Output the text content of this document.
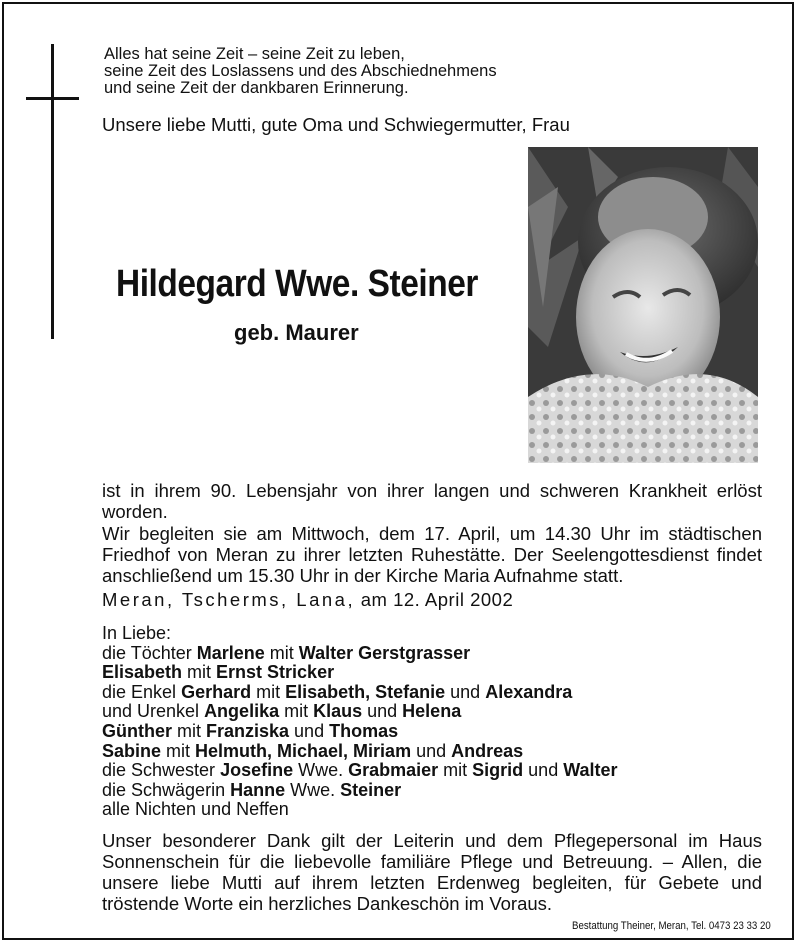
Alles hat seine Zeit – seine Zeit zu leben,
seine Zeit des Loslassens und des Abschiednehmens
und seine Zeit der dankbaren Erinnerung.
Unsere liebe Mutti, gute Oma und Schwiegermutter, Frau
Hildegard Wwe. Steiner
geb. Maurer
ist in ihrem 90. Lebensjahr von ihrer langen und schweren Krankheit erlöst worden.
Wir begleiten sie am Mittwoch, dem 17. April, um 14.30 Uhr im städtischen Friedhof von Meran zu ihrer letzten Ruhestätte. Der Seelengottesdienst findet anschließend um 15.30 Uhr in der Kirche Maria Aufnahme statt.
Meran, Tscherms, Lana, am 12. April 2002
In Liebe:
die Töchter Marlene mit Walter Gerstgrasser
Elisabeth mit Ernst Stricker
die Enkel Gerhard mit Elisabeth, Stefanie und Alexandra
und Urenkel Angelika mit Klaus und Helena
Günther mit Franziska und Thomas
Sabine mit Helmuth, Michael, Miriam und Andreas
die Schwester Josefine Wwe. Grabmaier mit Sigrid und Walter
die Schwägerin Hanne Wwe. Steiner
alle Nichten und Neffen
Unser besonderer Dank gilt der Leiterin und dem Pflegepersonal im Haus Sonnenschein für die liebevolle familiäre Pflege und Betreuung. – Allen, die unsere liebe Mutti auf ihrem letzten Erdenweg begleiten, für Gebete und tröstende Worte ein herzliches Dankeschön im Voraus.
Bestattung Theiner, Meran, Tel. 0473 23 33 20
